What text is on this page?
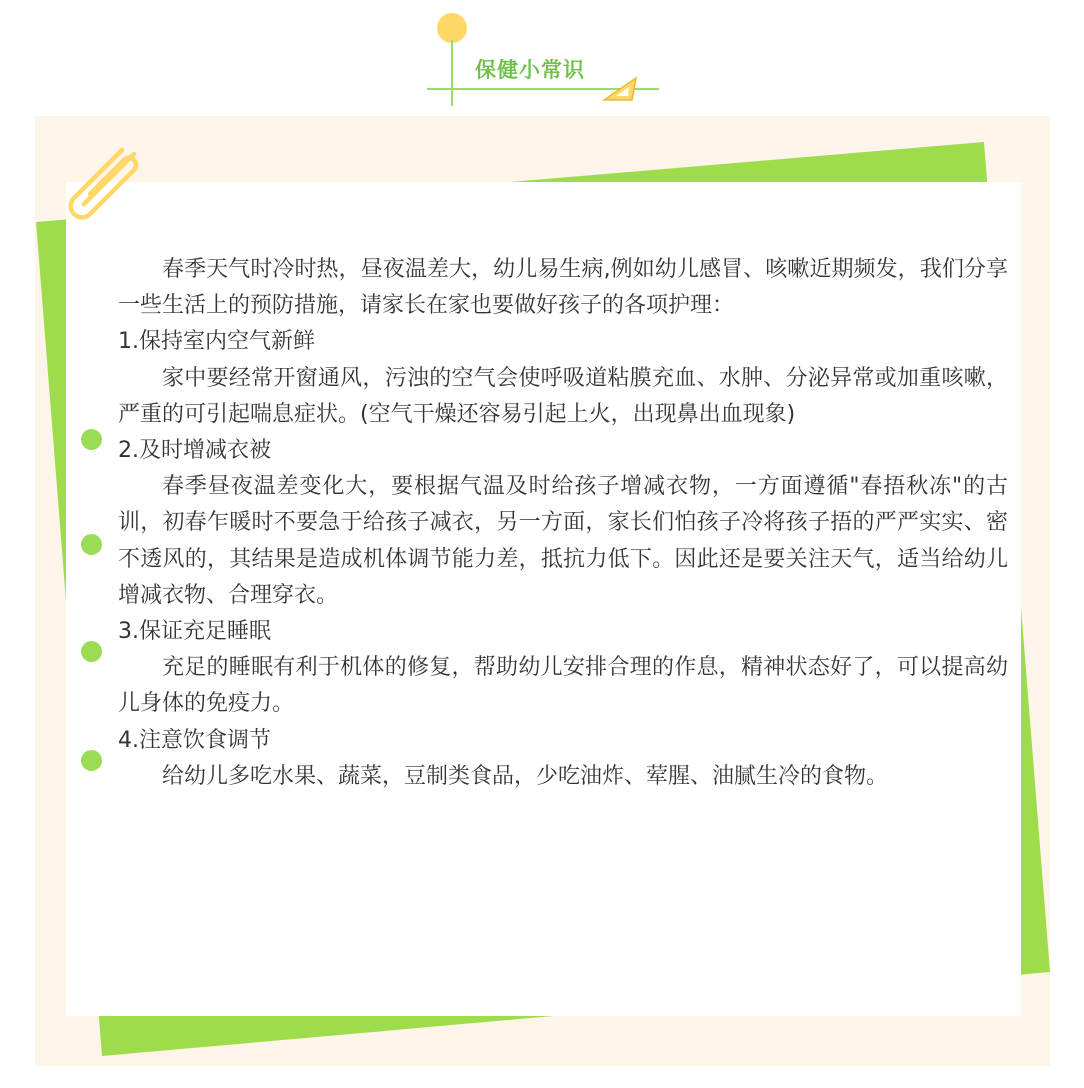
保健小常识

春季天气时冷时热，昼夜温差大，幼儿易生病,例如幼儿感冒、咳嗽近期频发，我们分享一些生活上的预防措施，请家长在家也要做好孩子的各项护理：

1.保持室内空气新鲜

家中要经常开窗通风，污浊的空气会使呼吸道粘膜充血、水肿、分泌异常或加重咳嗽，严重的可引起喘息症状。(空气干燥还容易引起上火，出现鼻出血现象)

2.及时增减衣被

春季昼夜温差变化大，要根据气温及时给孩子增减衣物，一方面遵循"春捂秋冻"的古训，初春乍暖时不要急于给孩子减衣，另一方面，家长们怕孩子冷将孩子捂的严严实实、密不透风的，其结果是造成机体调节能力差，抵抗力低下。因此还是要关注天气，适当给幼儿增减衣物、合理穿衣。

3.保证充足睡眠

充足的睡眠有利于机体的修复，帮助幼儿安排合理的作息，精神状态好了，可以提高幼儿身体的免疫力。

4.注意饮食调节

给幼儿多吃水果、蔬菜，豆制类食品，少吃油炸、荤腥、油腻生冷的食物。
